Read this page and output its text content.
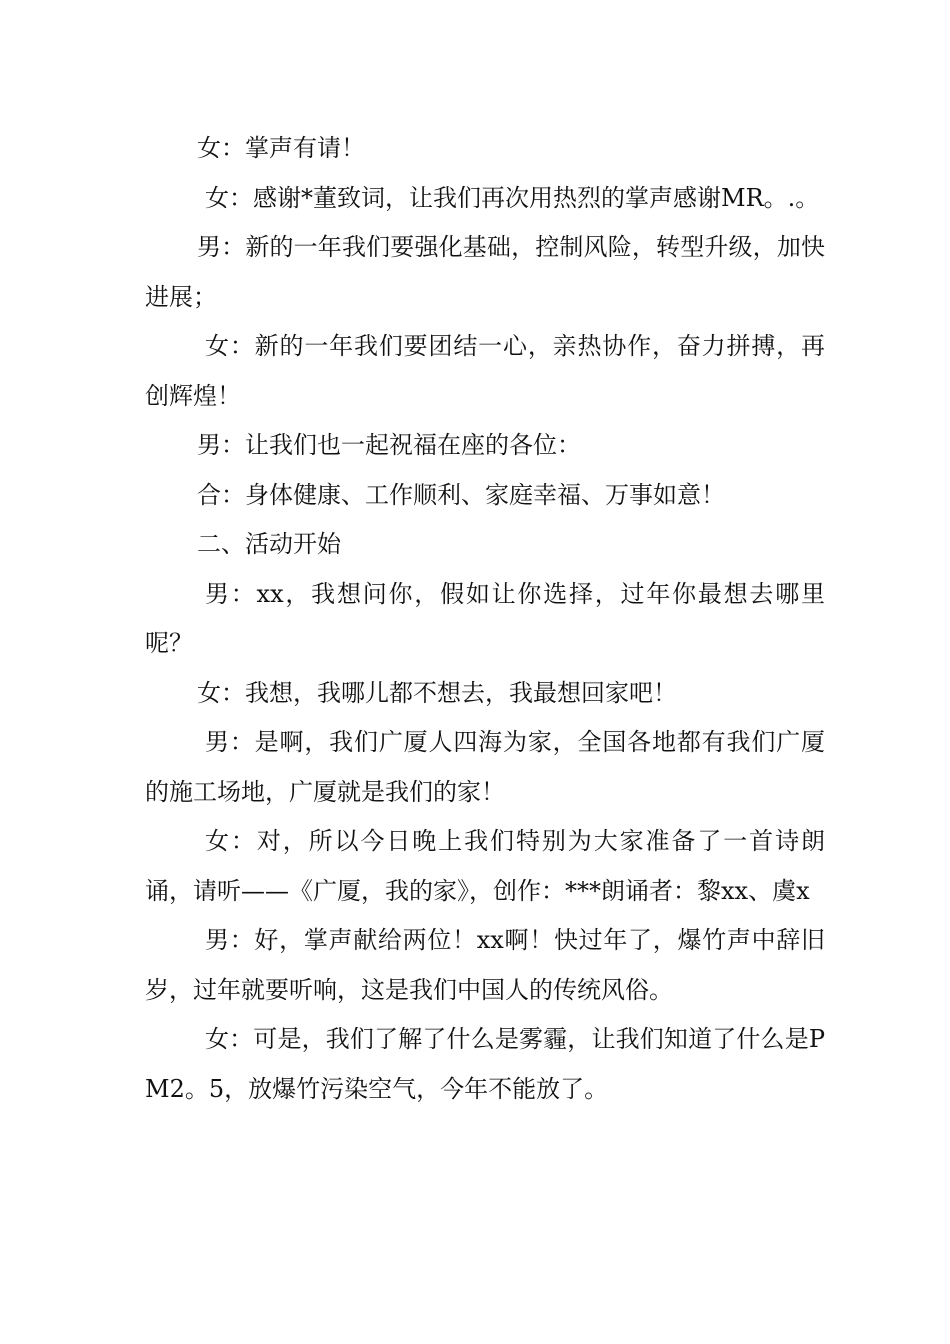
女：掌声有请！

女：感谢*董致词，让我们再次用热烈的掌声感谢MR。.。

男：新的一年我们要强化基础，控制风险，转型升级，加快进展；

女：新的一年我们要团结一心，亲热协作，奋力拼搏，再创辉煌！

男：让我们也一起祝福在座的各位：

合：身体健康、工作顺利、家庭幸福、万事如意！

二、活动开始

男：xx，我想问你，假如让你选择，过年你最想去哪里呢？

女：我想，我哪儿都不想去，我最想回家吧！

男：是啊，我们广厦人四海为家，全国各地都有我们广厦的施工场地，广厦就是我们的家！

女：对，所以今日晚上我们特别为大家准备了一首诗朗诵，请听——《广厦，我的家》，创作：***朗诵者：黎xx、虞x

男：好，掌声献给两位！xx啊！快过年了，爆竹声中辞旧岁，过年就要听响，这是我们中国人的传统风俗。

女：可是，我们了解了什么是雾霾，让我们知道了什么是PM2。5，放爆竹污染空气，今年不能放了。
